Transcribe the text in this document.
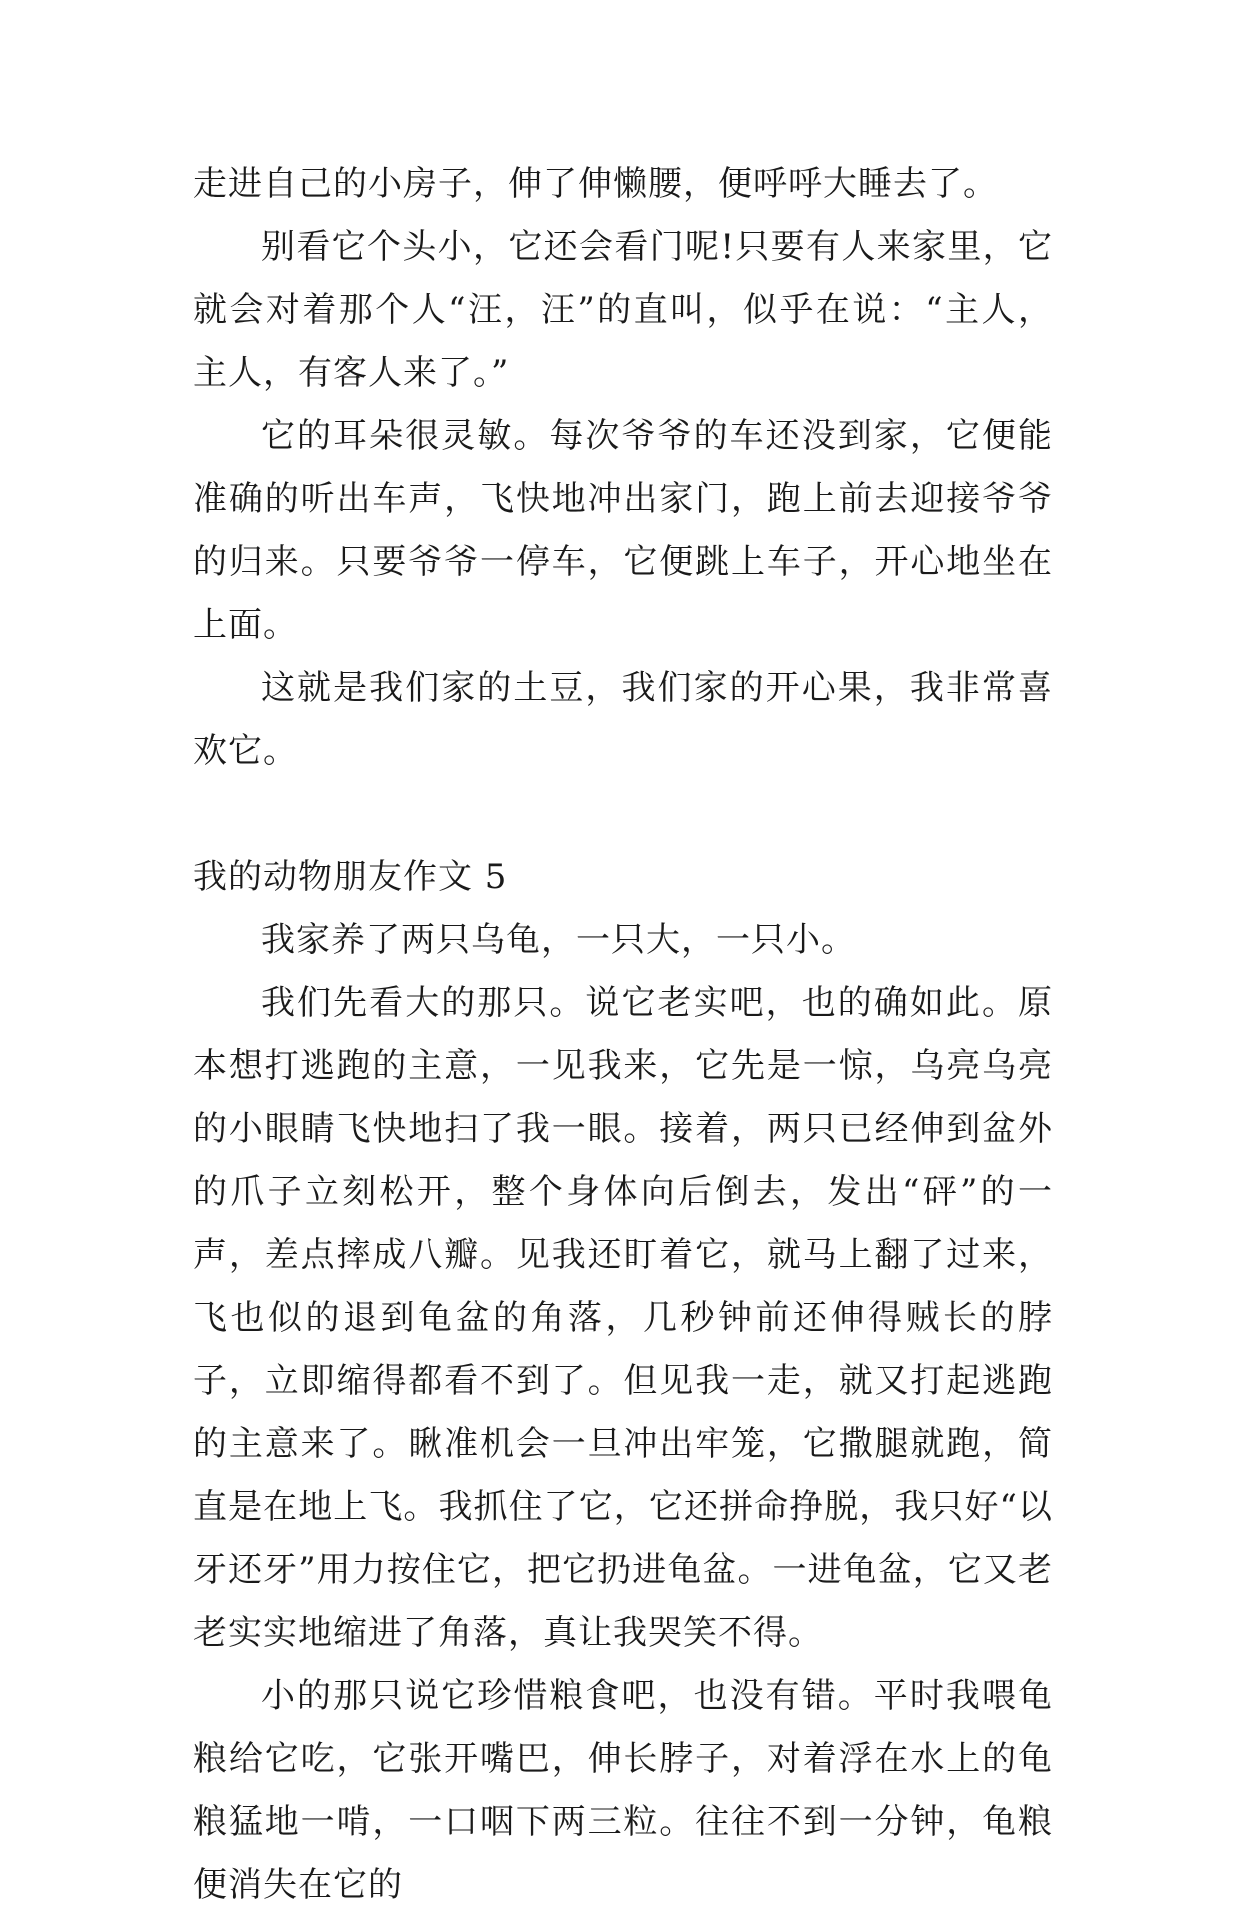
走进自己的小房子，伸了伸懒腰，便呼呼大睡去了。

别看它个头小，它还会看门呢!只要有人来家里，它就会对着那个人“汪，汪”的直叫，似乎在说：“主人，主人，有客人来了。”

它的耳朵很灵敏。每次爷爷的车还没到家，它便能准确的听出车声，飞快地冲出家门，跑上前去迎接爷爷的归来。只要爷爷一停车，它便跳上车子，开心地坐在上面。

这就是我们家的土豆，我们家的开心果，我非常喜欢它。

我的动物朋友作文 5

我家养了两只乌龟，一只大，一只小。

我们先看大的那只。说它老实吧，也的确如此。原本想打逃跑的主意，一见我来，它先是一惊，乌亮乌亮的小眼睛飞快地扫了我一眼。接着，两只已经伸到盆外的爪子立刻松开，整个身体向后倒去，发出“砰”的一声，差点摔成八瓣。见我还盯着它，就马上翻了过来，飞也似的退到龟盆的角落，几秒钟前还伸得贼长的脖子，立即缩得都看不到了。但见我一走，就又打起逃跑的主意来了。瞅准机会一旦冲出牢笼，它撒腿就跑，简直是在地上飞。我抓住了它，它还拼命挣脱，我只好“以牙还牙”用力按住它，把它扔进龟盆。一进龟盆，它又老老实实地缩进了角落，真让我哭笑不得。

小的那只说它珍惜粮食吧，也没有错。平时我喂龟粮给它吃，它张开嘴巴，伸长脖子，对着浮在水上的龟粮猛地一啃，一口咽下两三粒。往往不到一分钟，龟粮便消失在它的
